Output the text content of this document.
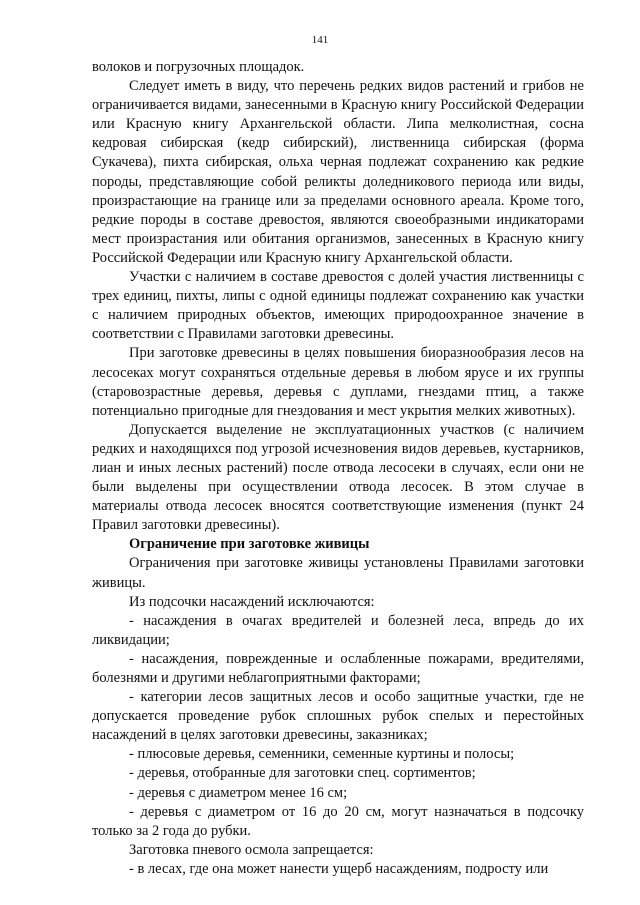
141

волоков и погрузочных площадок.

Следует иметь в виду, что перечень редких видов растений и грибов не ограничивается видами, занесенными в Красную книгу Российской Федерации или Красную книгу Архангельской области. Липа мелколистная, сосна кедровая сибирская (кедр сибирский), лиственница сибирская (форма Сукачева), пихта сибирская, ольха черная подлежат сохранению как редкие породы, представляющие собой реликты доледникового периода или виды, произрастающие на границе или за пределами основного ареала. Кроме того, редкие породы в составе древостоя, являются своеобразными индикаторами мест произрастания или обитания организмов, занесенных в Красную книгу Российской Федерации или Красную книгу Архангельской области.

Участки с наличием в составе древостоя с долей участия лиственницы с трех единиц, пихты, липы с одной единицы подлежат сохранению как участки с наличием природных объектов, имеющих природоохранное значение в соответствии с Правилами заготовки древесины.

При заготовке древесины в целях повышения биоразнообразия лесов на лесосеках могут сохраняться отдельные деревья в любом ярусе и их группы (старовозрастные деревья, деревья с дуплами, гнездами птиц, а также потенциально пригодные для гнездования и мест укрытия мелких животных).

Допускается выделение не эксплуатационных участков (с наличием редких и находящихся под угрозой исчезновения видов деревьев, кустарников, лиан и иных лесных растений) после отвода лесосеки в случаях, если они не были выделены при осуществлении отвода лесосек. В этом случае в материалы отвода лесосек вносятся соответствующие изменения (пункт 24 Правил заготовки древесины).

Ограничение при заготовке живицы

Ограничения при заготовке живицы установлены Правилами заготовки живицы.

Из подсочки насаждений исключаются:

- насаждения в очагах вредителей и болезней леса, впредь до их ликвидации;

- насаждения, поврежденные и ослабленные пожарами, вредителями, болезнями и другими неблагоприятными факторами;

- категории лесов защитных лесов и особо защитные участки, где не допускается проведение рубок сплошных рубок спелых и перестойных насаждений в целях заготовки древесины, заказниках;

- плюсовые деревья, семенники, семенные куртины и полосы;

- деревья, отобранные для заготовки спец. сортиментов;

- деревья с диаметром менее 16 см;

- деревья с диаметром от 16 до 20 см, могут назначаться в подсочку только за 2 года до рубки.

Заготовка пневого осмола запрещается:

- в лесах, где она может нанести ущерб насаждениям, подросту или
